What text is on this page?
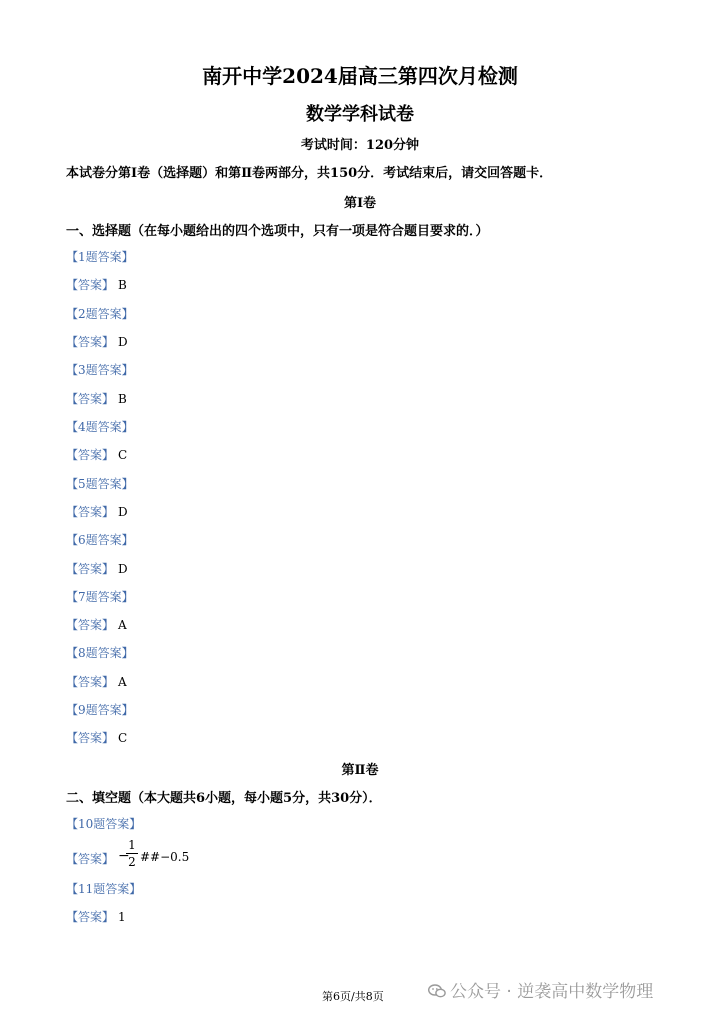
南开中学2024届高三第四次月检测
数学学科试卷
考试时间：120分钟
本试卷分第Ⅰ卷（选择题）和第Ⅱ卷两部分，共150分．考试结束后，请交回答题卡．
第Ⅰ卷
一、选择题（在每小题给出的四个选项中，只有一项是符合题目要求的．）
【1题答案】
【答案】 B
【2题答案】
【答案】 D
【3题答案】
【答案】 B
【4题答案】
【答案】 C
【5题答案】
【答案】 D
【6题答案】
【答案】 D
【7题答案】
【答案】 A
【8题答案】
【答案】 A
【9题答案】
【答案】 C
第Ⅱ卷
二、填空题（本大题共6小题，每小题5分，共30分）．
【10题答案】
【答案】 −
1
2 ##−0.5
【11题答案】
【答案】 1
第6页/共8页	公众号 · 逆袭高中数学物理
